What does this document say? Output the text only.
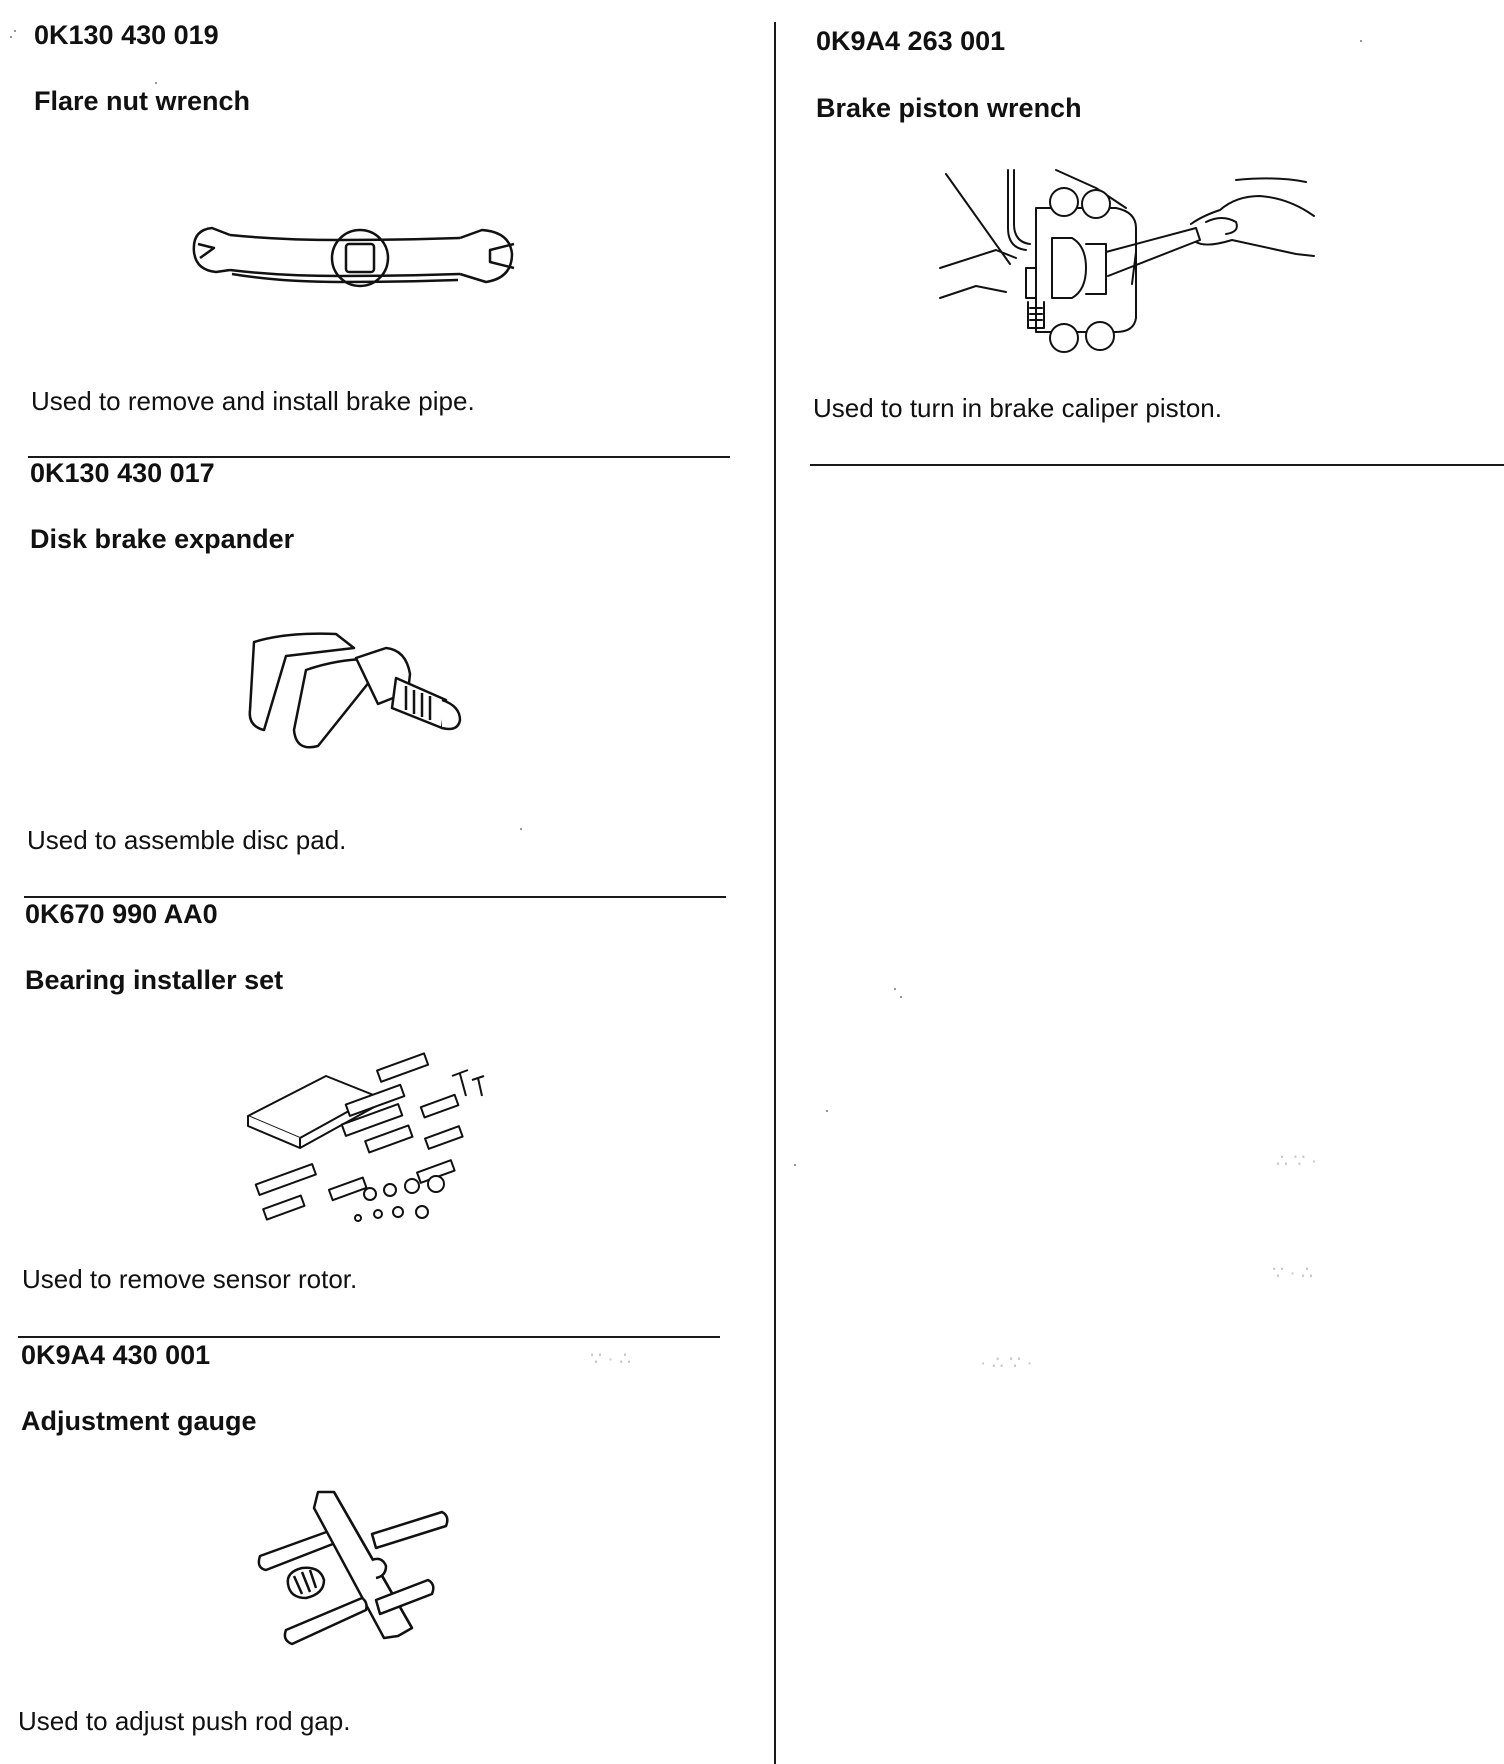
0K130 430 019

Flare nut wrench

Used to remove and install brake pipe.

0K130 430 017

Disk brake expander

Used to assemble disc pad.

0K670 990 AA0

Bearing installer set

Used to remove sensor rotor.

0K9A4 430 001

Adjustment gauge

Used to adjust push rod gap.

0K9A4 263 001

Brake piston wrench

Used to turn in brake caliper piston.

∴ ∵ ·
∵ · ∴
· ∴ ∵ ·
∵ · ∴
